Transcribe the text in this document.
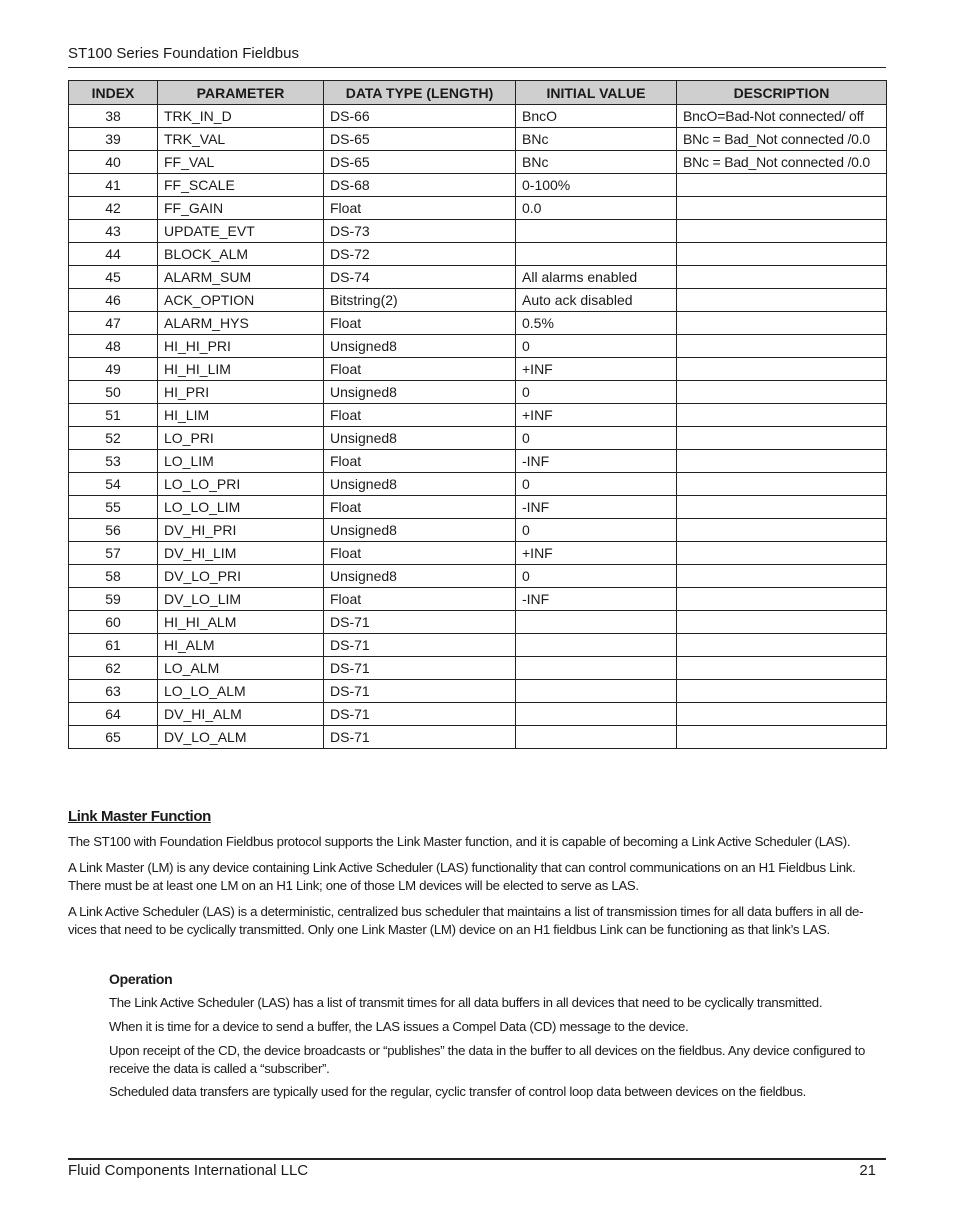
ST100 Series Foundation Fieldbus
INDEX	PARAMETER	DATA TYPE (LENGTH)	INITIAL VALUE	DESCRIPTION
38	TRK_IN_D	DS-66	BncO	BncO=Bad-Not connected/ off
39	TRK_VAL	DS-65	BNc	BNc = Bad_Not connected /0.0
40	FF_VAL	DS-65	BNc	BNc = Bad_Not connected /0.0
41	FF_SCALE	DS-68	0-100%	
42	FF_GAIN	Float	0.0	
43	UPDATE_EVT	DS-73		
44	BLOCK_ALM	DS-72		
45	ALARM_SUM	DS-74	All alarms enabled	
46	ACK_OPTION	Bitstring(2)	Auto ack disabled	
47	ALARM_HYS	Float	0.5%	
48	HI_HI_PRI	Unsigned8	0	
49	HI_HI_LIM	Float	+INF	
50	HI_PRI	Unsigned8	0	
51	HI_LIM	Float	+INF	
52	LO_PRI	Unsigned8	0	
53	LO_LIM	Float	-INF	
54	LO_LO_PRI	Unsigned8	0	
55	LO_LO_LIM	Float	-INF	
56	DV_HI_PRI	Unsigned8	0	
57	DV_HI_LIM	Float	+INF	
58	DV_LO_PRI	Unsigned8	0	
59	DV_LO_LIM	Float	-INF	
60	HI_HI_ALM	DS-71		
61	HI_ALM	DS-71		
62	LO_ALM	DS-71		
63	LO_LO_ALM	DS-71		
64	DV_HI_ALM	DS-71		
65	DV_LO_ALM	DS-71		
Link Master Function
The ST100 with Foundation Fieldbus protocol supports the Link Master function, and it is capable of becoming a Link Active Scheduler (LAS).
A Link Master (LM) is any device containing Link Active Scheduler (LAS) functionality that can control communications on an H1 Fieldbus Link. There must be at least one LM on an H1 Link; one of those LM devices will be elected to serve as LAS.
A Link Active Scheduler (LAS) is a deterministic, centralized bus scheduler that maintains a list of transmission times for all data buffers in all de- vices that need to be cyclically transmitted. Only one Link Master (LM) device on an H1 fieldbus Link can be functioning as that link’s LAS.
Operation
The Link Active Scheduler (LAS) has a list of transmit times for all data buffers in all devices that need to be cyclically transmitted.
When it is time for a device to send a buffer, the LAS issues a Compel Data (CD) message to the device.
Upon receipt of the CD, the device broadcasts or “publishes” the data in the buffer to all devices on the fieldbus. Any device configured to receive the data is called a “subscriber”.
Scheduled data transfers are typically used for the regular, cyclic transfer of control loop data between devices on the fieldbus.
Fluid Components International LLC	21
